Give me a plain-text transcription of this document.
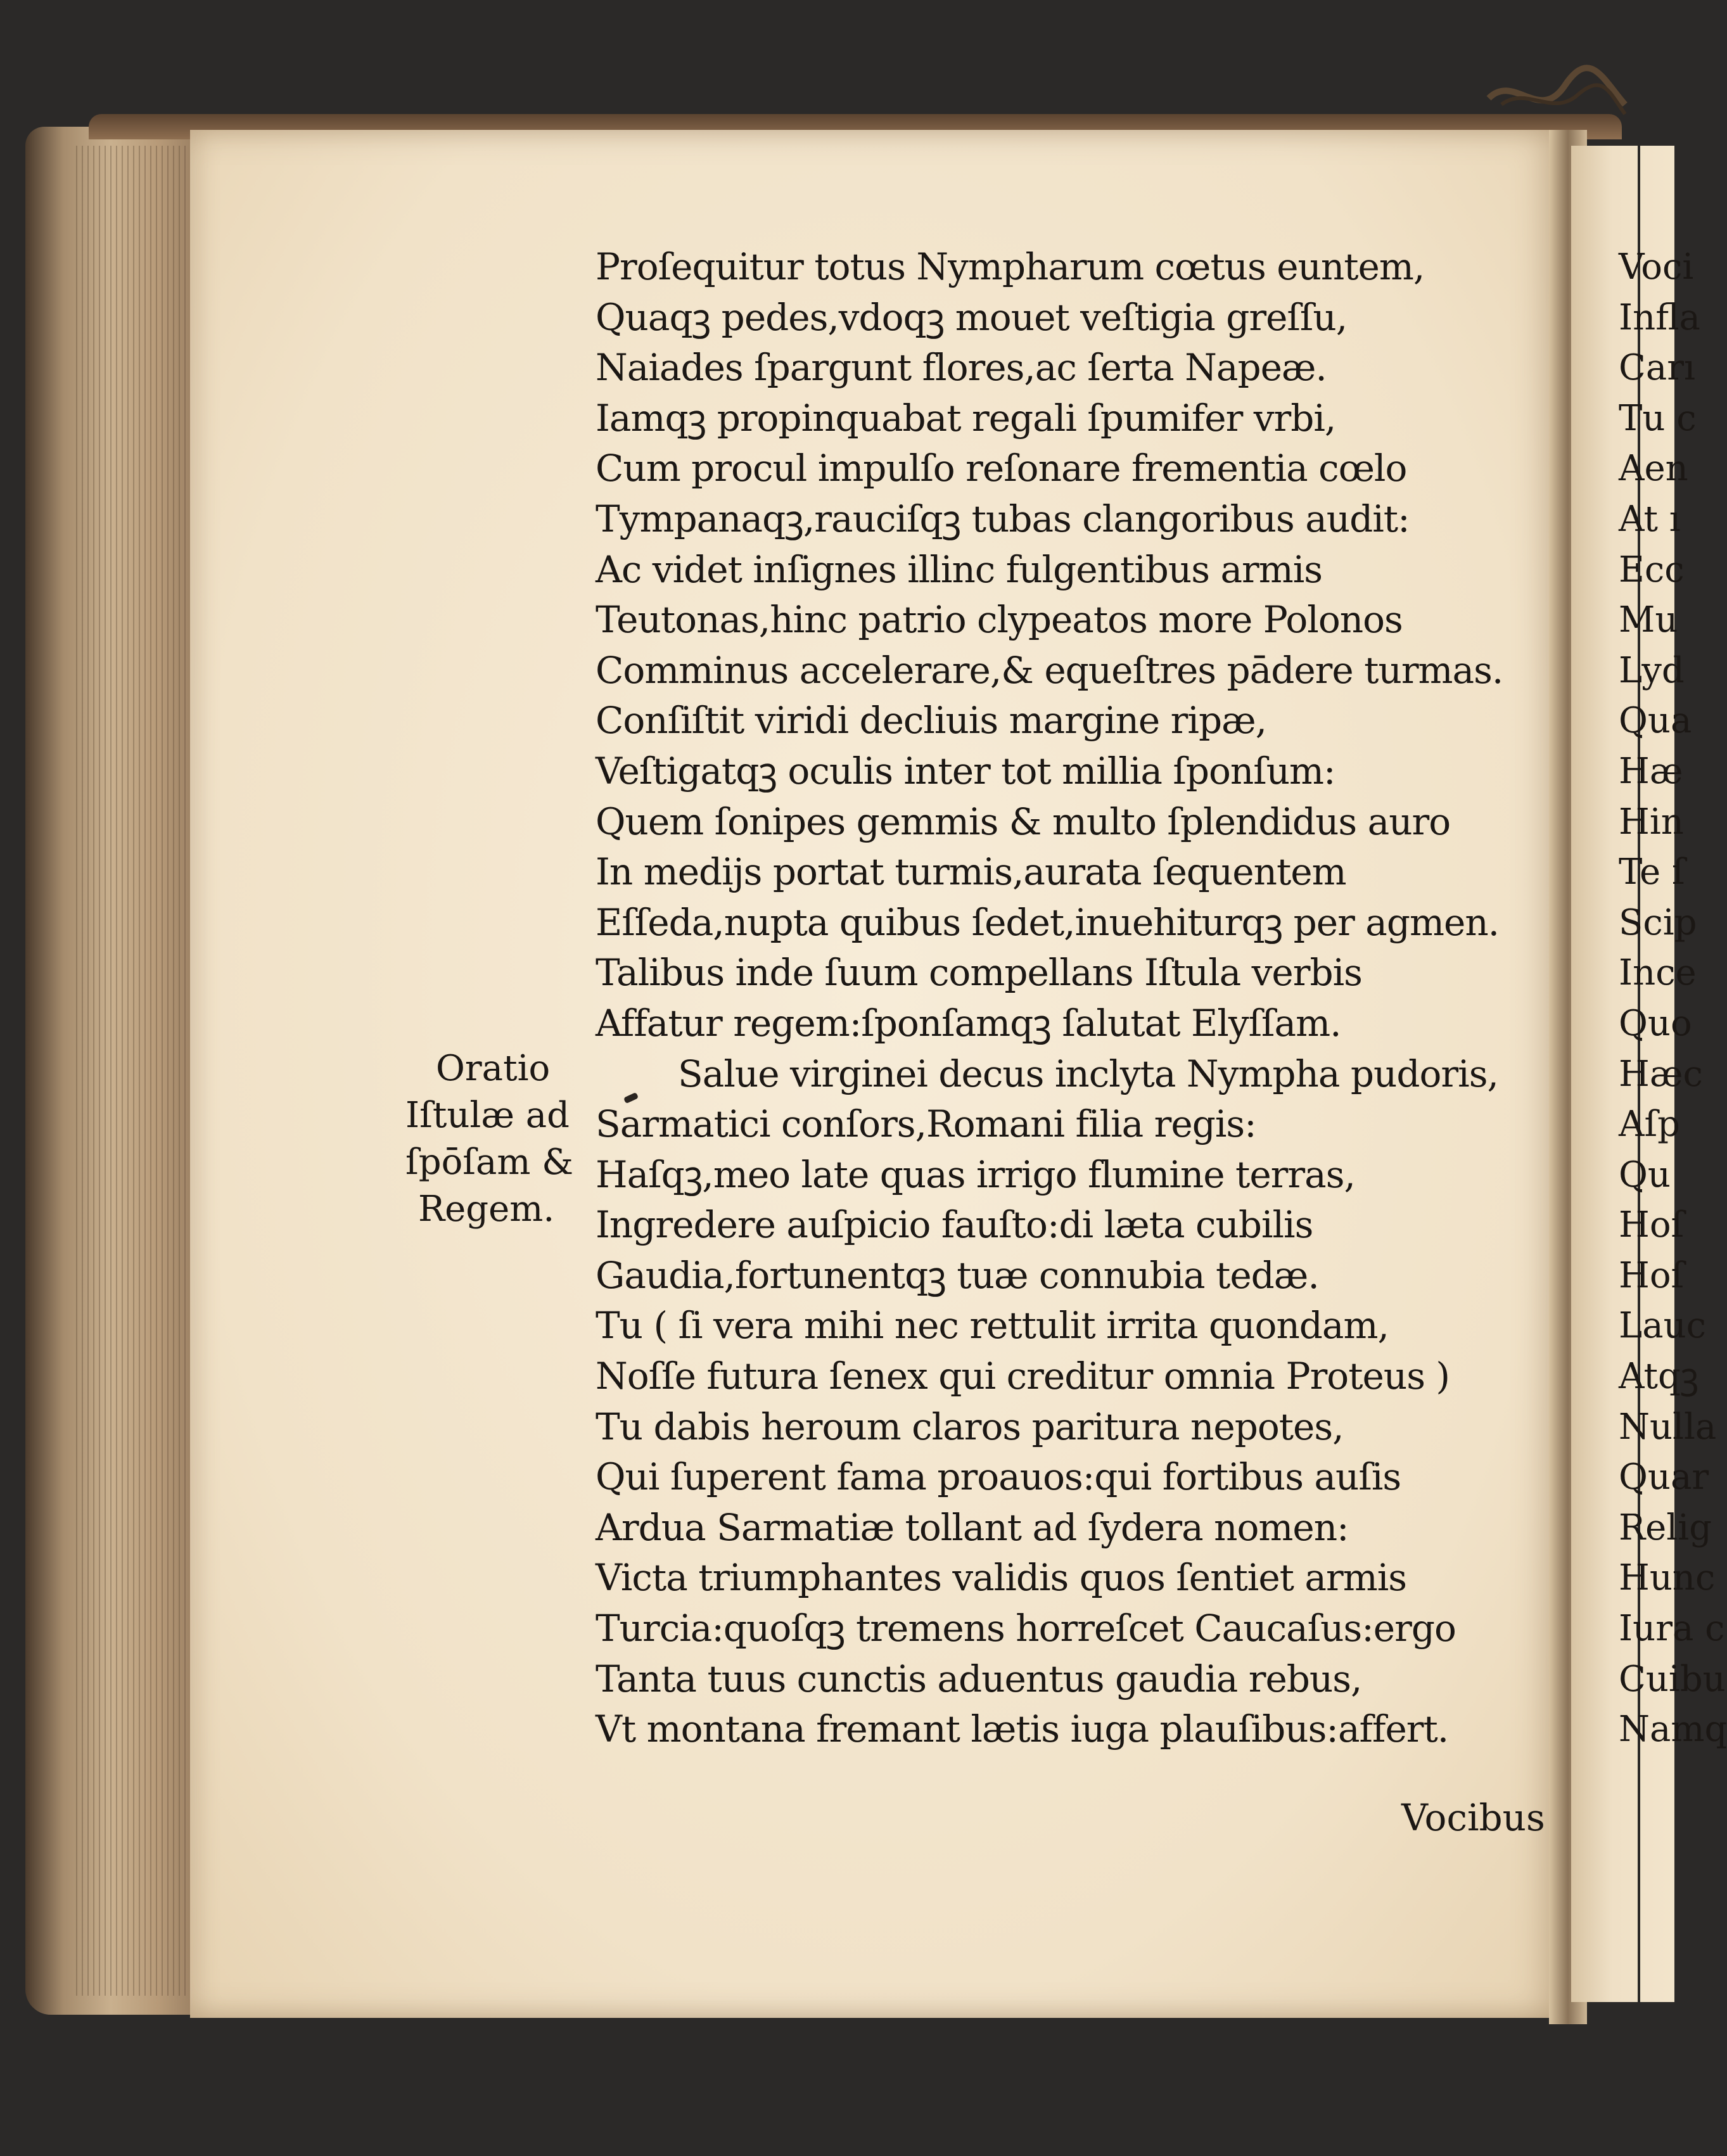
Proſequitur totus Nympharum cœtus euntem,
Quaqꝫ pedes,vdoqꝫ mouet veſtigia greſſu,
Naiades ſpargunt flores,ac ſerta Napeæ.
Iamqꝫ propinquabat regali ſpumifer vrbi,
Cum procul impulſo reſonare frementia cœlo
Tympanaqꝫ,rauciſqꝫ tubas clangoribus audit:
Ac videt inſignes illinc fulgentibus armis
Teutonas,hinc patrio clypeatos more Polonos
Comminus accelerare,& equeſtres pādere turmas.
Conſiſtit viridi decliuis margine ripæ,
Veſtigatqꝫ oculis inter tot millia ſponſum:
Quem ſonipes gemmis & multo ſplendidus auro
In medijs portat turmis,aurata ſequentem
Eſſeda,nupta quibus ſedet,inuehiturqꝫ per agmen.
Talibus inde ſuum compellans Iſtula verbis
Affatur regem:ſponſamqꝫ ſalutat Elyſſam.
Salue virginei decus inclyta Nympha pudoris,
Sarmatici conſors,Romani filia regis:
Haſqꝫ,meo late quas irrigo flumine terras,
Ingredere auſpicio fauſto:di læta cubilis
Gaudia,fortunentqꝫ tuæ connubia tedæ.
Tu ( ſi vera mihi nec rettulit irrita quondam,
Noſſe futura ſenex qui creditur omnia Proteus )
Tu dabis heroum claros paritura nepotes,
Qui ſuperent fama proauos:qui fortibus auſis
Ardua Sarmatiæ tollant ad ſydera nomen:
Victa triumphantes validis quos ſentiet armis
Turcia:quoſqꝫ tremens horreſcet Caucaſus:ergo
Tanta tuus cunctis aduentus gaudia rebus,
Vt montana fremant lætis iuga plauſibus:affert.
Vocibus
Oratio
Iſtulæ ad
ſpōſam &
Regem.
Voci
Infla
Carı
Tu c
Aen
At ı
Ecc
Mu
Lyd
Qua
Hæ
Hin
Te ſ
Scip
Ince
Quo
Hæc
Aſp
Qu
Hoſ
Hoſ
Lauc
Atqꝫ
Nulla
Quar
Relig
Hunc
Iura c
Cuibu
Namq
